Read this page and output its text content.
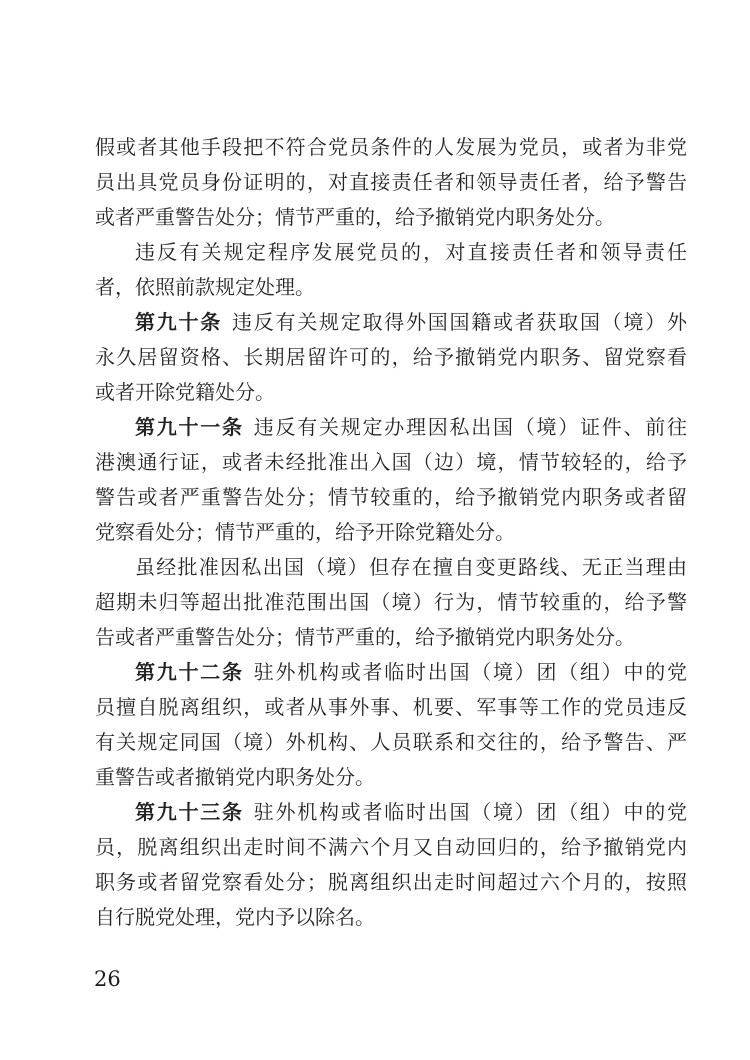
假或者其他手段把不符合党员条件的人发展为党员，或者为非党
员出具党员身份证明的，对直接责任者和领导责任者，给予警告
或者严重警告处分；情节严重的，给予撤销党内职务处分。
违反有关规定程序发展党员的，对直接责任者和领导责任
者，依照前款规定处理。
第九十条 违反有关规定取得外国国籍或者获取国（境）外
永久居留资格、长期居留许可的，给予撤销党内职务、留党察看
或者开除党籍处分。
第九十一条 违反有关规定办理因私出国（境）证件、前往
港澳通行证，或者未经批准出入国（边）境，情节较轻的，给予
警告或者严重警告处分；情节较重的，给予撤销党内职务或者留
党察看处分；情节严重的，给予开除党籍处分。
虽经批准因私出国（境）但存在擅自变更路线、无正当理由
超期未归等超出批准范围出国（境）行为，情节较重的，给予警
告或者严重警告处分；情节严重的，给予撤销党内职务处分。
第九十二条 驻外机构或者临时出国（境）团（组）中的党
员擅自脱离组织，或者从事外事、机要、军事等工作的党员违反
有关规定同国（境）外机构、人员联系和交往的，给予警告、严
重警告或者撤销党内职务处分。
第九十三条 驻外机构或者临时出国（境）团（组）中的党
员，脱离组织出走时间不满六个月又自动回归的，给予撤销党内
职务或者留党察看处分；脱离组织出走时间超过六个月的，按照
自行脱党处理，党内予以除名。
26
